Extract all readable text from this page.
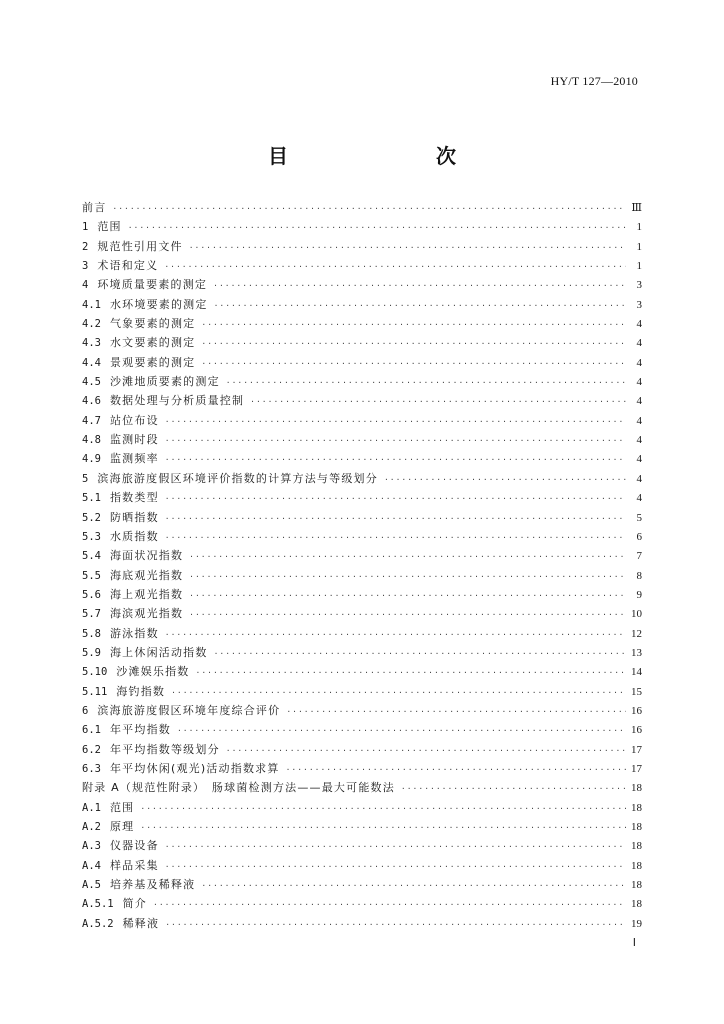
HY/T 127—2010
目　　次
前言 ·····	Ⅲ
1 范围 ·····	1
2 规范性引用文件 ·····	1
3 术语和定义 ·····	1
4 环境质量要素的测定 ·····	3
4.1 水环境要素的测定 ·····	3
4.2 气象要素的测定 ·····	4
4.3 水文要素的测定 ·····	4
4.4 景观要素的测定 ·····	4
4.5 沙滩地质要素的测定 ·····	4
4.6 数据处理与分析质量控制 ·····	4
4.7 站位布设 ·····	4
4.8 监测时段 ·····	4
4.9 监测频率 ·····	4
5 滨海旅游度假区环境评价指数的计算方法与等级划分 ·····	4
5.1 指数类型 ·····	4
5.2 防晒指数 ·····	5
5.3 水质指数 ·····	6
5.4 海面状况指数 ·····	7
5.5 海底观光指数 ·····	8
5.6 海上观光指数 ·····	9
5.7 海滨观光指数 ·····	10
5.8 游泳指数 ·····	12
5.9 海上休闲活动指数 ·····	13
5.10 沙滩娱乐指数 ·····	14
5.11 海钓指数 ·····	15
6 滨海旅游度假区环境年度综合评价 ·····	16
6.1 年平均指数 ·····	16
6.2 年平均指数等级划分 ·····	17
6.3 年平均休闲(观光)活动指数求算 ·····	17
附录 A（规范性附录）　肠球菌检测方法——最大可能数法 ·····	18
A.1 范围 ·····	18
A.2 原理 ·····	18
A.3 仪器设备 ·····	18
A.4 样品采集 ·····	18
A.5 培养基及稀释液 ·····	18
A.5.1 简介 ·····	18
A.5.2 稀释液 ·····	19
Ⅰ
